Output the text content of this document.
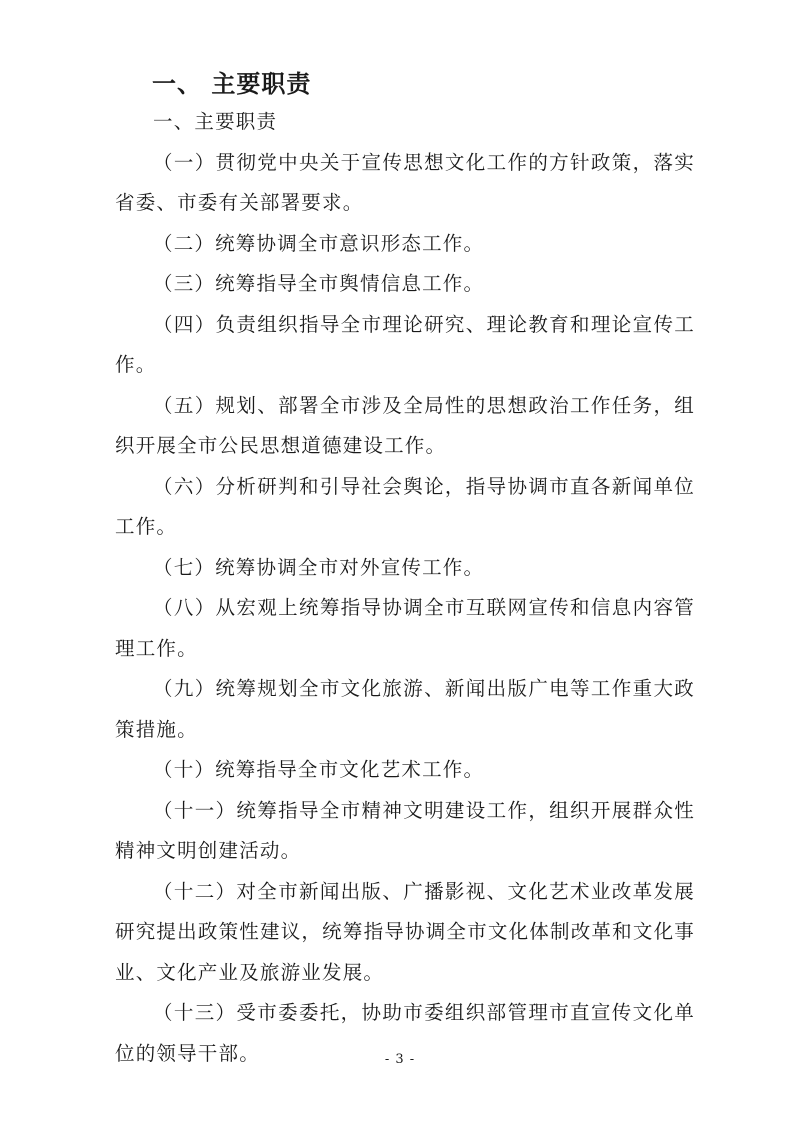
一、 主要职责

一、主要职责

（一）贯彻党中央关于宣传思想文化工作的方针政策，落实省委、市委有关部署要求。

（二）统筹协调全市意识形态工作。

（三）统筹指导全市舆情信息工作。

（四）负责组织指导全市理论研究、理论教育和理论宣传工作。

（五）规划、部署全市涉及全局性的思想政治工作任务，组织开展全市公民思想道德建设工作。

（六）分析研判和引导社会舆论，指导协调市直各新闻单位工作。

（七）统筹协调全市对外宣传工作。

（八）从宏观上统筹指导协调全市互联网宣传和信息内容管理工作。

（九）统筹规划全市文化旅游、新闻出版广电等工作重大政策措施。

（十）统筹指导全市文化艺术工作。

（十一）统筹指导全市精神文明建设工作，组织开展群众性精神文明创建活动。

（十二）对全市新闻出版、广播影视、文化艺术业改革发展研究提出政策性建议，统筹指导协调全市文化体制改革和文化事业、文化产业及旅游业发展。

（十三）受市委委托，协助市委组织部管理市直宣传文化单位的领导干部。	- 3 -
